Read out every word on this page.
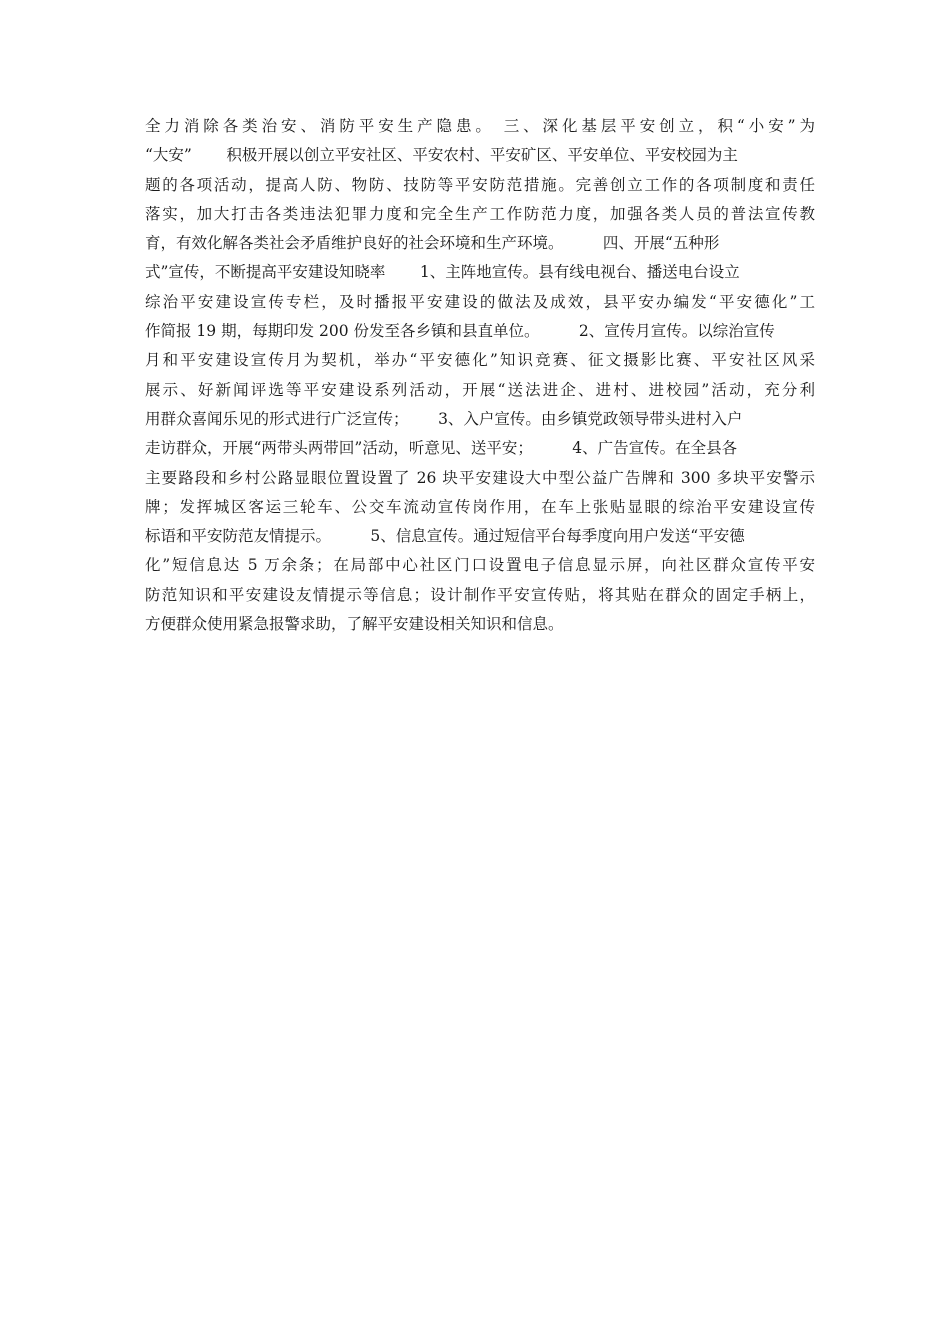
全力消除各类治安、消防平安生产隐患。 三、深化基层平安创立，积“小安”为
“大安”       积极开展以创立平安社区、平安农村、平安矿区、平安单位、平安校园为主
题的各项活动，提高人防、物防、技防等平安防范措施。完善创立工作的各项制度和责任
落实，加大打击各类违法犯罪力度和完全生产工作防范力度，加强各类人员的普法宣传教
育，有效化解各类社会矛盾维护良好的社会环境和生产环境。        四、开展“五种形
式”宣传，不断提高平安建设知晓率       1、主阵地宣传。县有线电视台、播送电台设立
综治平安建设宣传专栏，及时播报平安建设的做法及成效，县平安办编发“平安德化”工
作简报 19 期，每期印发 200 份发至各乡镇和县直单位。        2、宣传月宣传。以综治宣传
月和平安建设宣传月为契机，举办“平安德化”知识竞赛、征文摄影比赛、平安社区风采
展示、好新闻评选等平安建设系列活动，开展“送法进企、进村、进校园”活动，充分利
用群众喜闻乐见的形式进行广泛宣传；      3、入户宣传。由乡镇党政领导带头进村入户
走访群众，开展“两带头两带回”活动，听意见、送平安；        4、广告宣传。在全县各
主要路段和乡村公路显眼位置设置了 26 块平安建设大中型公益广告牌和 300 多块平安警示
牌；发挥城区客运三轮车、公交车流动宣传岗作用，在车上张贴显眼的综治平安建设宣传
标语和平安防范友情提示。        5、信息宣传。通过短信平台每季度向用户发送“平安德
化”短信息达 5 万余条；在局部中心社区门口设置电子信息显示屏，向社区群众宣传平安
防范知识和平安建设友情提示等信息；设计制作平安宣传贴，将其贴在群众的固定手柄上，
方便群众使用紧急报警求助，了解平安建设相关知识和信息。
